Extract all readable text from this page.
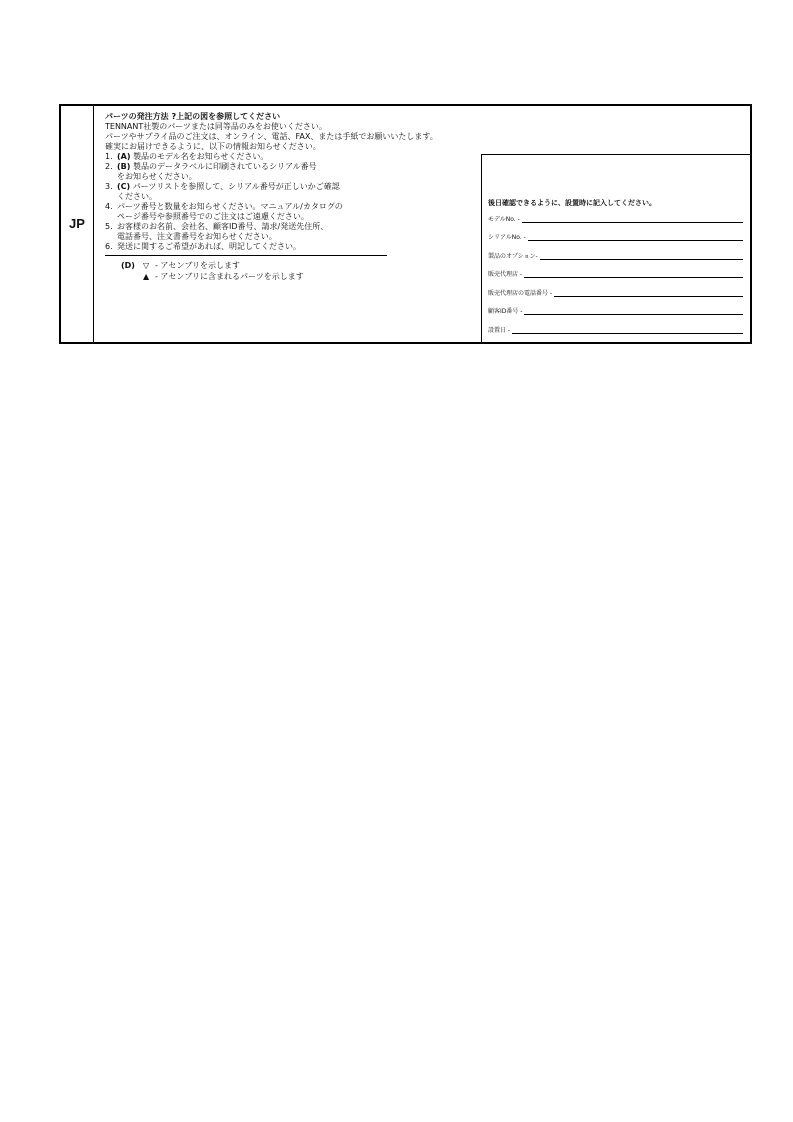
JP
パーツの発注方法 ?上記の図を参照してください
TENNANT社製のパーツまたは同等品のみをお使いください。
パーツやサプライ品のご注文は、オンライン、電話、FAX、または手紙でお願いいたします。
確実にお届けできるように、以下の情報お知らせください。
1. (A) 製品のモデル名をお知らせください。
2. (B) 製品のデータラベルに印刷されているシリアル番号
をお知らせください。
3. (C) パーツリストを参照して、シリアル番号が正しいかご確認
ください。
4. パーツ番号と数量をお知らせください。マニュアル/カタログの
ページ番号や参照番号でのご注文はご遠慮ください。
5. お客様のお名前、会社名、顧客ID番号、請求/発送先住所、
電話番号、注文書番号をお知らせください。
6. 発送に関するご希望があれば、明記してください。
(D)	▽ - アセンブリを示します
▲ - アセンブリに含まれるパーツを示します
後日確認できるように、設置時に記入してください。
モデルNo. -
シリアルNo. -
製品のオプション-
販売代理店 -
販売代理店の電話番号 -
顧客ID番号 -
設置日 -
